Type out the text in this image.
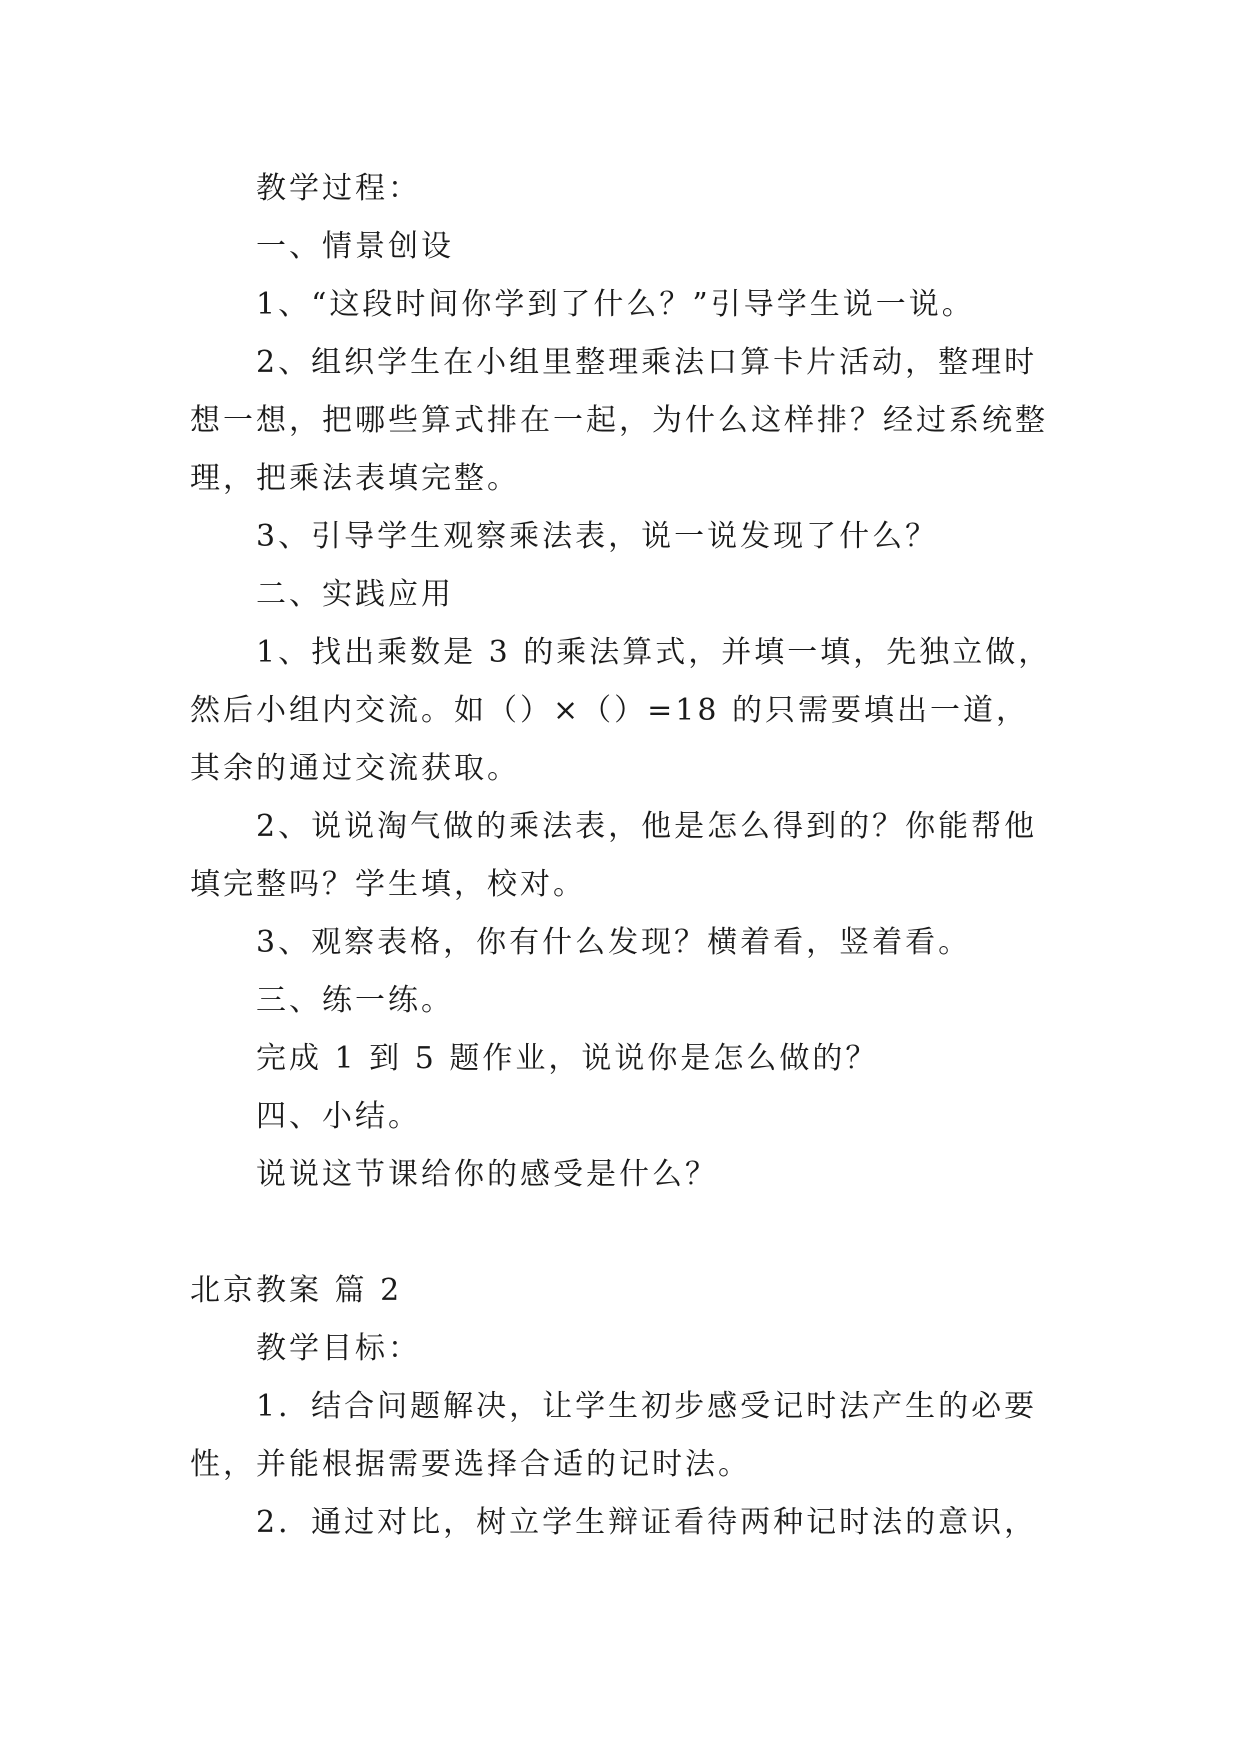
教学过程：

一、情景创设

1、“这段时间你学到了什么？”引导学生说一说。

2、组织学生在小组里整理乘法口算卡片活动，整理时想一想，把哪些算式排在一起，为什么这样排？经过系统整理，把乘法表填完整。

3、引导学生观察乘法表，说一说发现了什么？

二、实践应用

1、找出乘数是 3 的乘法算式，并填一填，先独立做，然后小组内交流。如（）×（）=18 的只需要填出一道，其余的通过交流获取。

2、说说淘气做的乘法表，他是怎么得到的？你能帮他填完整吗？学生填，校对。

3、观察表格，你有什么发现？横着看，竖着看。

三、练一练。

完成 1 到 5 题作业，说说你是怎么做的？

四、小结。

说说这节课给你的感受是什么？

北京教案 篇 2

教学目标：

1．结合问题解决，让学生初步感受记时法产生的必要性，并能根据需要选择合适的记时法。

2．通过对比，树立学生辩证看待两种记时法的意识，
